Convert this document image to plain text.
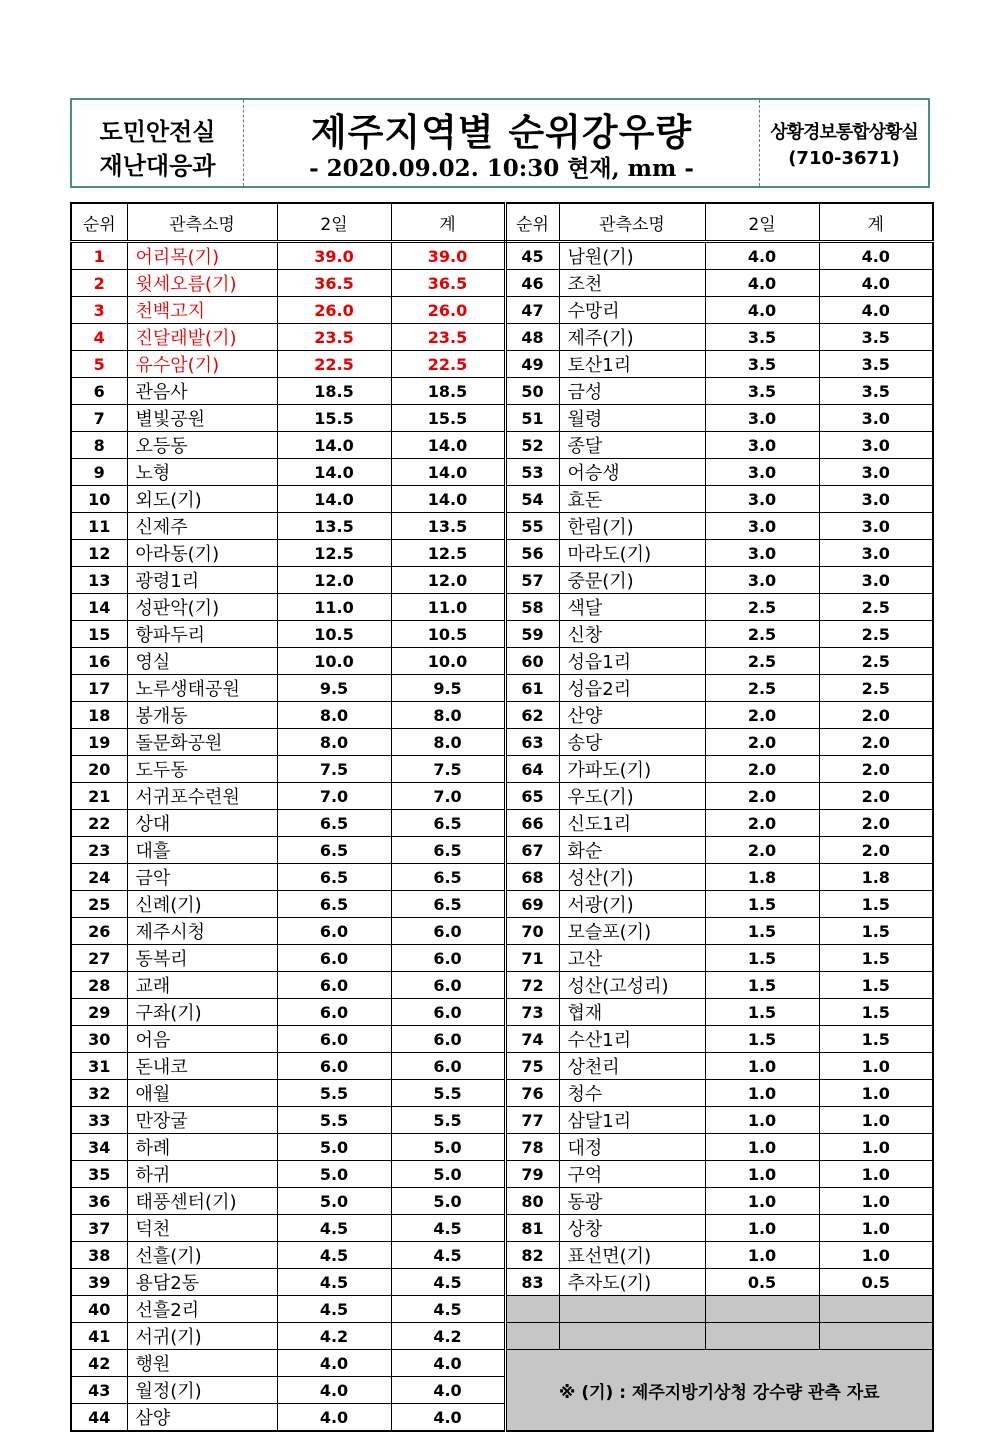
도민안전실
재난대응과
제주지역별 순위강우량
- 2020.09.02. 10:30 현재, mm -
상황경보통합상황실
(710-3671)
순위	관측소명	2일	계	순위	관측소명	2일	계
1	어리목(기)	39.0	39.0	45	남원(기)	4.0	4.0
2	윗세오름(기)	36.5	36.5	46	조천	4.0	4.0
3	천백고지	26.0	26.0	47	수망리	4.0	4.0
4	진달래밭(기)	23.5	23.5	48	제주(기)	3.5	3.5
5	유수암(기)	22.5	22.5	49	토산1리	3.5	3.5
6	관음사	18.5	18.5	50	금성	3.5	3.5
7	별빛공원	15.5	15.5	51	월령	3.0	3.0
8	오등동	14.0	14.0	52	종달	3.0	3.0
9	노형	14.0	14.0	53	어승생	3.0	3.0
10	외도(기)	14.0	14.0	54	효돈	3.0	3.0
11	신제주	13.5	13.5	55	한림(기)	3.0	3.0
12	아라동(기)	12.5	12.5	56	마라도(기)	3.0	3.0
13	광령1리	12.0	12.0	57	중문(기)	3.0	3.0
14	성판악(기)	11.0	11.0	58	색달	2.5	2.5
15	항파두리	10.5	10.5	59	신창	2.5	2.5
16	영실	10.0	10.0	60	성읍1리	2.5	2.5
17	노루생태공원	9.5	9.5	61	성읍2리	2.5	2.5
18	봉개동	8.0	8.0	62	산양	2.0	2.0
19	돌문화공원	8.0	8.0	63	송당	2.0	2.0
20	도두동	7.5	7.5	64	가파도(기)	2.0	2.0
21	서귀포수련원	7.0	7.0	65	우도(기)	2.0	2.0
22	상대	6.5	6.5	66	신도1리	2.0	2.0
23	대흘	6.5	6.5	67	화순	2.0	2.0
24	금악	6.5	6.5	68	성산(기)	1.8	1.8
25	신례(기)	6.5	6.5	69	서광(기)	1.5	1.5
26	제주시청	6.0	6.0	70	모슬포(기)	1.5	1.5
27	동복리	6.0	6.0	71	고산	1.5	1.5
28	교래	6.0	6.0	72	성산(고성리)	1.5	1.5
29	구좌(기)	6.0	6.0	73	협재	1.5	1.5
30	어음	6.0	6.0	74	수산1리	1.5	1.5
31	돈내코	6.0	6.0	75	상천리	1.0	1.0
32	애월	5.5	5.5	76	청수	1.0	1.0
33	만장굴	5.5	5.5	77	삼달1리	1.0	1.0
34	하례	5.0	5.0	78	대정	1.0	1.0
35	하귀	5.0	5.0	79	구억	1.0	1.0
36	태풍센터(기)	5.0	5.0	80	동광	1.0	1.0
37	덕천	4.5	4.5	81	상창	1.0	1.0
38	선흘(기)	4.5	4.5	82	표선면(기)	1.0	1.0
39	용담2동	4.5	4.5	83	추자도(기)	0.5	0.5
40	선흘2리	4.5	4.5				
41	서귀(기)	4.2	4.2				
42	행원	4.0	4.0	※ (기) : 제주지방기상청 강수량 관측 자료			
43	월정(기)	4.0	4.0				
44	삼양	4.0	4.0				
